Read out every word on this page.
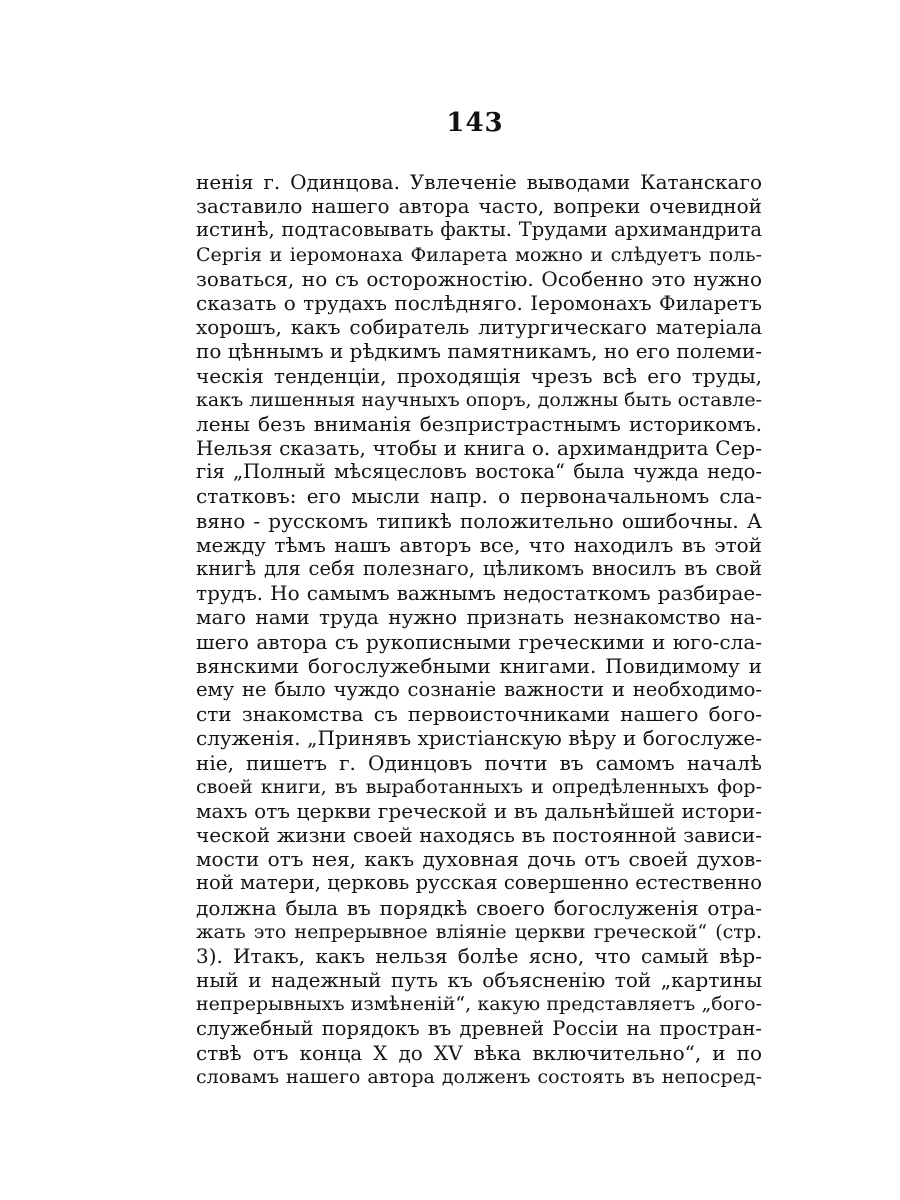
143
нeнія г. Одинцова. Увлеченіе выводами Катанскаго
заставило нашего автора часто, вопреки очевидной
истинѣ, подтасовывать факты. Трудами архимандрита
Сергія и іеромонаха Филарета можно и слѣдуетъ поль-
зоваться, но съ осторожностію. Особенно это нужно
сказать о трудахъ послѣдняго. Іеромонахъ Филаретъ
хорошъ, какъ собиратель литургическаго матеріала
по цѣннымъ и рѣдкимъ памятникамъ, но его полеми-
ческія тенденціи, проходящія чрезъ всѣ его труды,
какъ лишенныя научныхъ опоръ, должны быть оставле-
лены безъ вниманія безпристрастнымъ историкомъ.
Нельзя сказать, чтобы и книга о. архимандрита Сер-
гія „Полный мѣсяцесловъ востока“ была чужда недо-
статковъ: его мысли напр. о первоначальномъ сла-
вяно - русскомъ типикѣ положительно ошибочны. А
между тѣмъ нашъ авторъ все, что находилъ въ этой
книгѣ для себя полезнаго, цѣликомъ вносилъ въ свой
трудъ. Но самымъ важнымъ недостаткомъ разбирае-
маго нами труда нужно признать незнакомство на-
шего автора съ рукописными греческими и юго-сла-
вянскими богослужебными книгами. Повидимому и
ему не было чуждо сознаніе важности и необходимо-
сти знакомства съ первоисточниками нашего бого-
служенія. „Принявъ христіанскую вѣру и богослуже-
ніе, пишетъ г. Одинцовъ почти въ самомъ началѣ
своей книги, въ выработанныхъ и опредѣленныхъ фор-
махъ отъ церкви греческой и въ дальнѣйшей истори-
ческой жизни своей находясь въ постоянной зависи-
мости отъ нея, какъ духовная дочь отъ своей духов-
ной матери, церковь русская совершенно естественно
должна была въ порядкѣ своего богослуженія отра-
жать это непрерывное вліяніе церкви греческой“ (стр.
3). Итакъ, какъ нельзя болѣе ясно, что самый вѣр-
ный и надежный путь къ объясненію той „картины
непрерывныхъ измѣненій“, какую представляетъ „бого-
служебный порядокъ въ древней Россіи на простран-
ствѣ отъ конца X до XV вѣка включительно“, и по
словамъ нашего автора долженъ состоять въ непосред-
